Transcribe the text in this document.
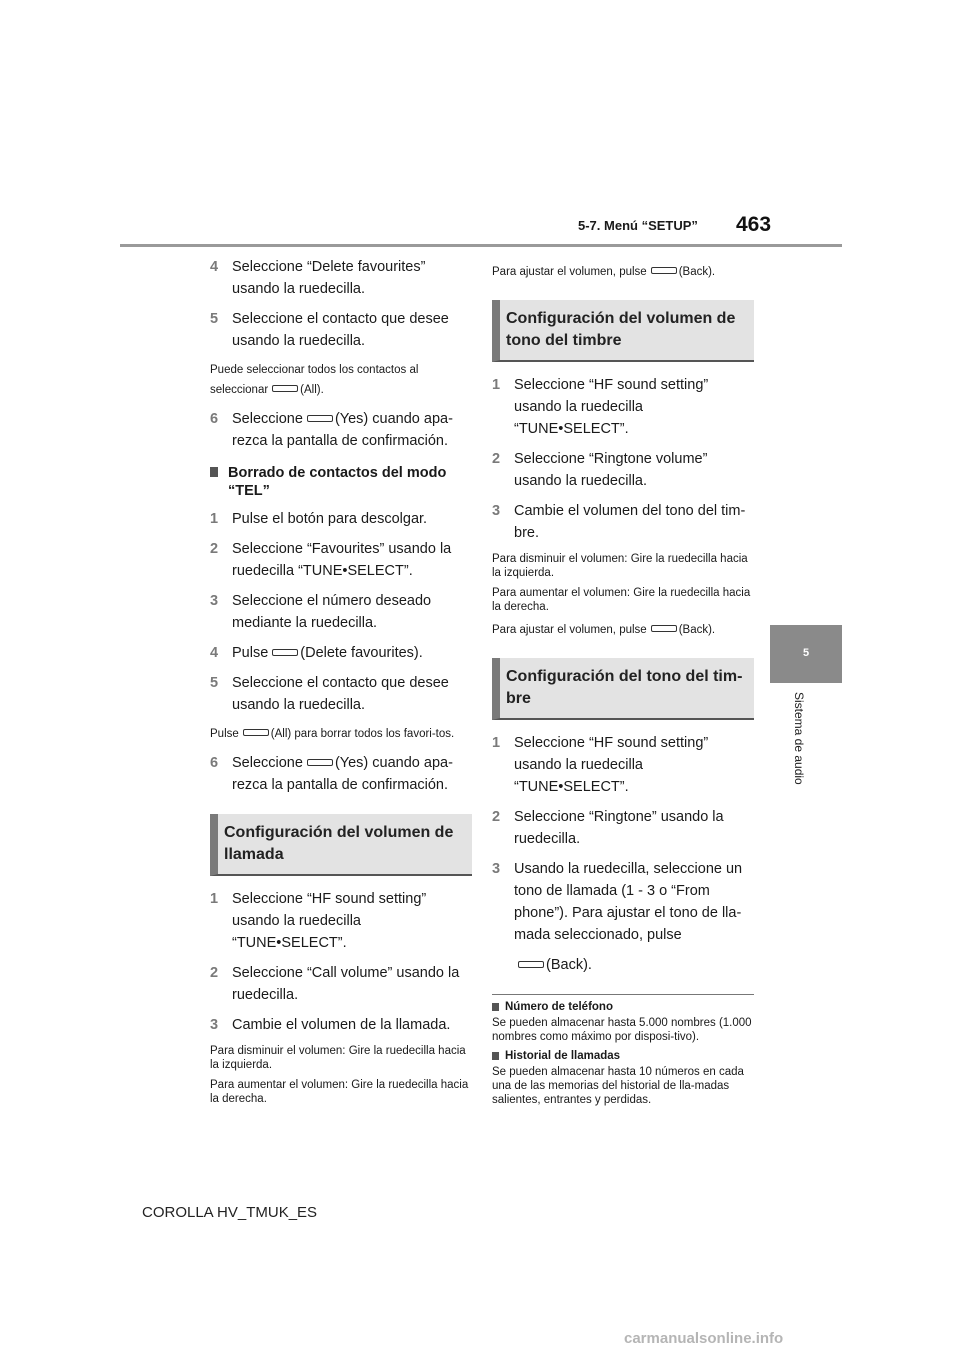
5-7. Menú “SETUP” 463
5
Sistema de audio
4 Seleccione “Delete favourites” usando la ruedecilla.
5 Seleccione el contacto que desee usando la ruedecilla.

Puede seleccionar todos los contactos al seleccionar	(All).

6 Seleccione (Yes) cuando apa-rezca la pantalla de confirmación.
Borrado de contactos del modo “TEL”
1 Pulse el botón para descolgar.
2 Seleccione “Favourites” usando la ruedecilla “TUNE•SELECT”.
3 Seleccione el número deseado mediante la ruedecilla.
4 Pulse (Delete favourites).
5 Seleccione el contacto que desee usando la ruedecilla.

Pulse	(All) para borrar todos los favori-tos.

6 Seleccione (Yes) cuando apa-rezca la pantalla de confirmación.
Configuración del volumen de llamada
1 Seleccione “HF sound setting” usando la ruedecilla “TUNE•SELECT”.
2 Seleccione “Call volume” usando la ruedecilla.
3 Cambie el volumen de la llamada.

Para disminuir el volumen: Gire la ruedecilla hacia la izquierda.

Para aumentar el volumen: Gire la ruedecilla hacia la derecha.

Para ajustar el volumen, pulse	(Back).

Configuración del volumen de tono del timbre
1 Seleccione “HF sound setting” usando la ruedecilla “TUNE•SELECT”.
2 Seleccione “Ringtone volume” usando la ruedecilla.
3 Cambie el volumen del tono del tim-bre.

Para disminuir el volumen: Gire la ruedecilla hacia la izquierda.

Para aumentar el volumen: Gire la ruedecilla hacia la derecha.

Para ajustar el volumen, pulse	(Back).

Configuración del tono del tim-bre
1 Seleccione “HF sound setting” usando la ruedecilla “TUNE•SELECT”.
2 Seleccione “Ringtone” usando la ruedecilla.
3 Usando la ruedecilla, seleccione un tono de llamada (1 - 3 o “From phone”). Para ajustar el tono de lla-mada seleccionado, pulse
(Back).
Número de teléfono

Se pueden almacenar hasta 5.000 nombres (1.000 nombres como máximo por disposi-tivo).

Historial de llamadas

Se pueden almacenar hasta 10 números en cada una de las memorias del historial de lla-madas salientes, entrantes y perdidas.

COROLLA HV_TMUK_ES
carmanualsonline.info
